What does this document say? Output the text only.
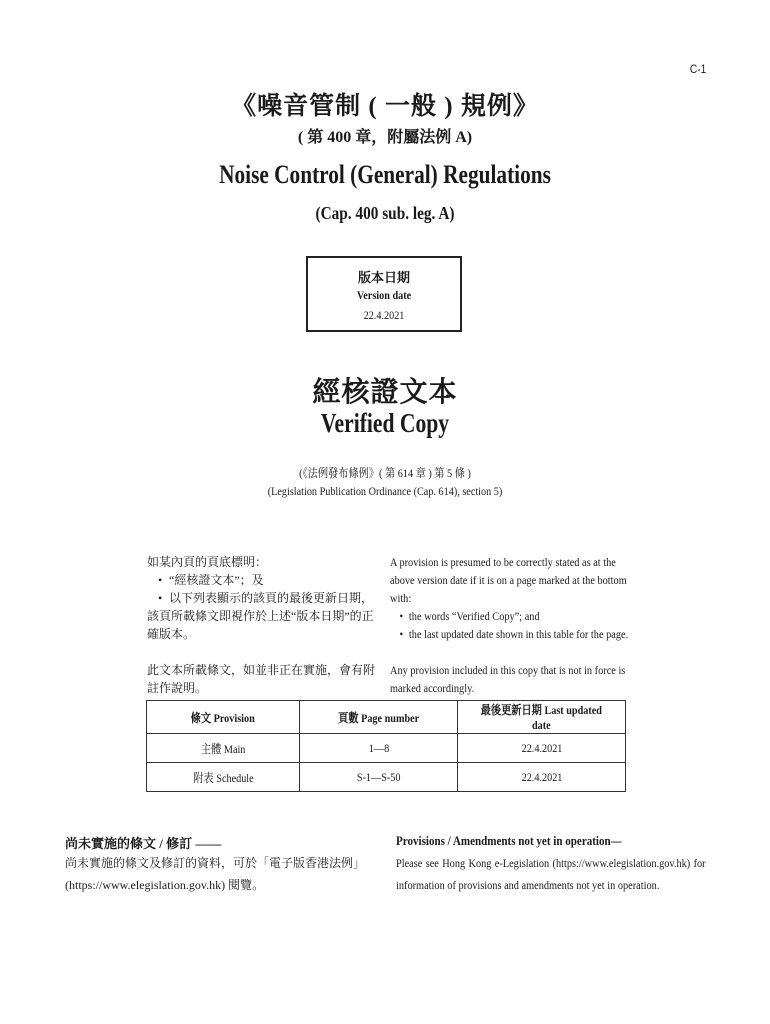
C-1
《噪音管制 ( 一般 ) 規例》
( 第 400 章，附屬法例 A)
Noise Control (General) Regulations
(Cap. 400 sub. leg. A)
版本日期
Version date
22.4.2021
經核證文本
Verified Copy
(《法例發布條例》( 第 614 章 ) 第 5 條 )
(Legislation Publication Ordinance (Cap. 614), section 5)
如某內頁的頁底標明：
• “經核證文本”；及
• 以下列表顯示的該頁的最後更新日期，
該頁所載條文即視作於上述“版本日期”的正確版本。
此文本所載條文，如並非正在實施，會有附註作說明。
A provision is presumed to be correctly stated as at the above version date if it is on a page marked at the bottom with:
• the words “Verified Copy”; and
• the last updated date shown in this table for the page.
Any provision included in this copy that is not in force is marked accordingly.
條文 Provision	頁數 Page number	最後更新日期 Last updated date
主體 Main	1—8	22.4.2021
附表 Schedule	S-1—S-50	22.4.2021
尚未實施的條文 / 修訂 ——
尚未實施的條文及修訂的資料，可於「電子版香港法例」(https://www.elegislation.gov.hk) 閱覽。
Provisions / Amendments not yet in operation—
Please see Hong Kong e-Legislation (https://www.elegislation.gov.hk) for information of provisions and amendments not yet in operation.
